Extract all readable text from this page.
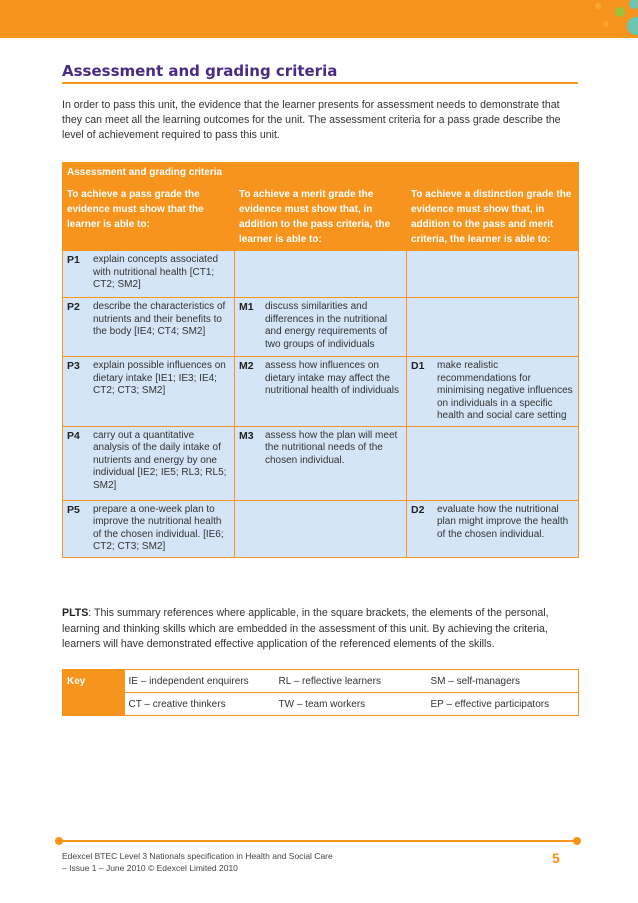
Assessment and grading criteria
In order to pass this unit, the evidence that the learner presents for assessment needs to demonstrate that they can meet all the learning outcomes for the unit. The assessment criteria for a pass grade describe the level of achievement required to pass this unit.
Assessment and grading criteria		
To achieve a pass grade the evidence must show that the learner is able to:	To achieve a merit grade the evidence must show that, in addition to the pass criteria, the learner is able to:	To achieve a distinction grade the evidence must show that, in addition to the pass and merit criteria, the learner is able to:
P1 explain concepts associated with nutritional health [CT1; CT2; SM2]		
P2 describe the characteristics of nutrients and their benefits to the body [IE4; CT4; SM2]	M1 discuss similarities and differences in the nutritional and energy requirements of two groups of individuals	
P3 explain possible influences on dietary intake [IE1; IE3; IE4; CT2; CT3; SM2]	M2 assess how influences on dietary intake may affect the nutritional health of individuals	D1 make realistic recommendations for minimising negative influences on individuals in a specific health and social care setting
P4 carry out a quantitative analysis of the daily intake of nutrients and energy by one individual [IE2; IE5; RL3; RL5; SM2]	M3 assess how the plan will meet the nutritional needs of the chosen individual.	
P5 prepare a one-week plan to improve the nutritional health of the chosen individual. [IE6; CT2; CT3; SM2]		D2 evaluate how the nutritional plan might improve the health of the chosen individual.
PLTS: This summary references where applicable, in the square brackets, the elements of the personal, learning and thinking skills which are embedded in the assessment of this unit. By achieving the criteria, learners will have demonstrated effective application of the referenced elements of the skills.
Key	IE – independent enquirers	RL – reflective learners	SM – self-managers
	CT – creative thinkers	TW – team workers	EP – effective participators
Edexcel BTEC Level 3 Nationals specification in Health and Social Care
– Issue 1 – June 2010 © Edexcel Limited 2010
5
